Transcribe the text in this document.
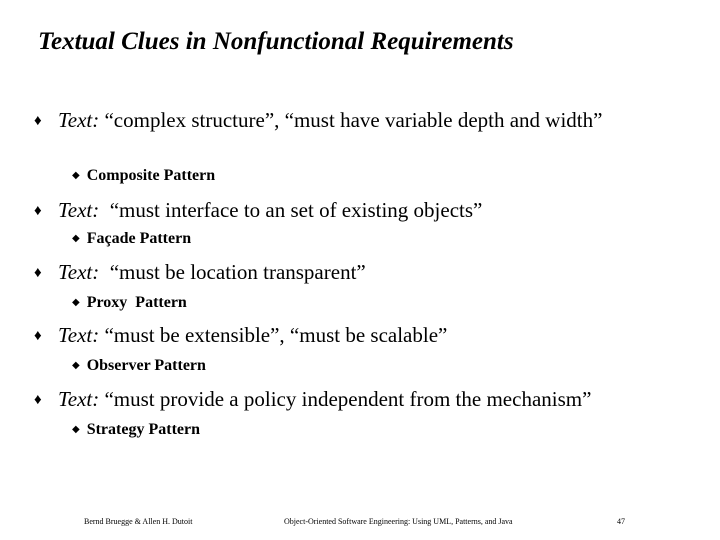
Textual Clues in Nonfunctional Requirements
♦ Text: “complex structure”, “must have variable depth and width”
◆ Composite Pattern
♦ Text:  “must interface to an set of existing objects”
◆ Façade Pattern
♦ Text:  “must be location transparent”
◆ Proxy  Pattern
♦ Text: “must be extensible”, “must be scalable”
◆ Observer Pattern
♦ Text: “must provide a policy independent from the mechanism”
◆ Strategy Pattern
Bernd Bruegge & Allen H. Dutoit	Object-Oriented Software Engineering: Using UML, Patterns, and Java	47
